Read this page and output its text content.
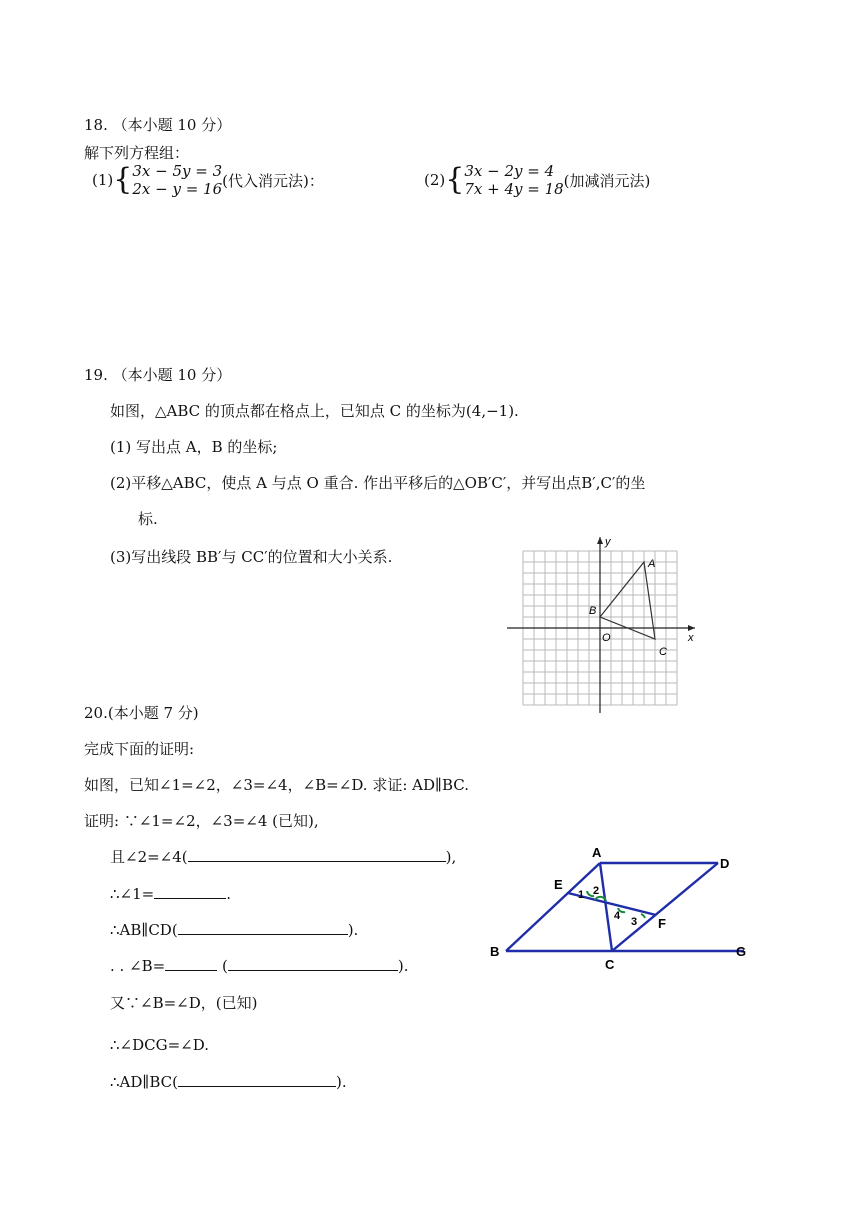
18. （本小题 10 分）
解下列方程组：
(1) { 3x − 5y = 3
2x − y = 16 (代入消元法)：	(2) { 3x − 2y = 4
7x + 4y = 18 (加减消元法)
19. （本小题 10 分）
如图，△ABC 的顶点都在格点上，已知点 C 的坐标为(4,−1).
(1) 写出点 A，B 的坐标;
(2)平移△ABC，使点 A 与点 O 重合. 作出平移后的△OB′C′，并写出点B′,C′的坐
标.
(3)写出线段 BB′与 CC′的位置和大小关系.
y
x
A
B
O
C
20.(本小题 7 分)
完成下面的证明:
如图，已知∠1=∠2，∠3=∠4，∠B=∠D. 求证: AD∥BC.
证明: ∵∠1=∠2，∠3=∠4 (已知),
且∠2=∠4(	),
∴∠1=	.
∴AB∥CD(	).
. . ∠B=	(	).
又∵∠B=∠D，(已知)
∴∠DCG=∠D.
∴AD∥BC(	).
A
D
E
F
B
C
G
1 2
3
4
